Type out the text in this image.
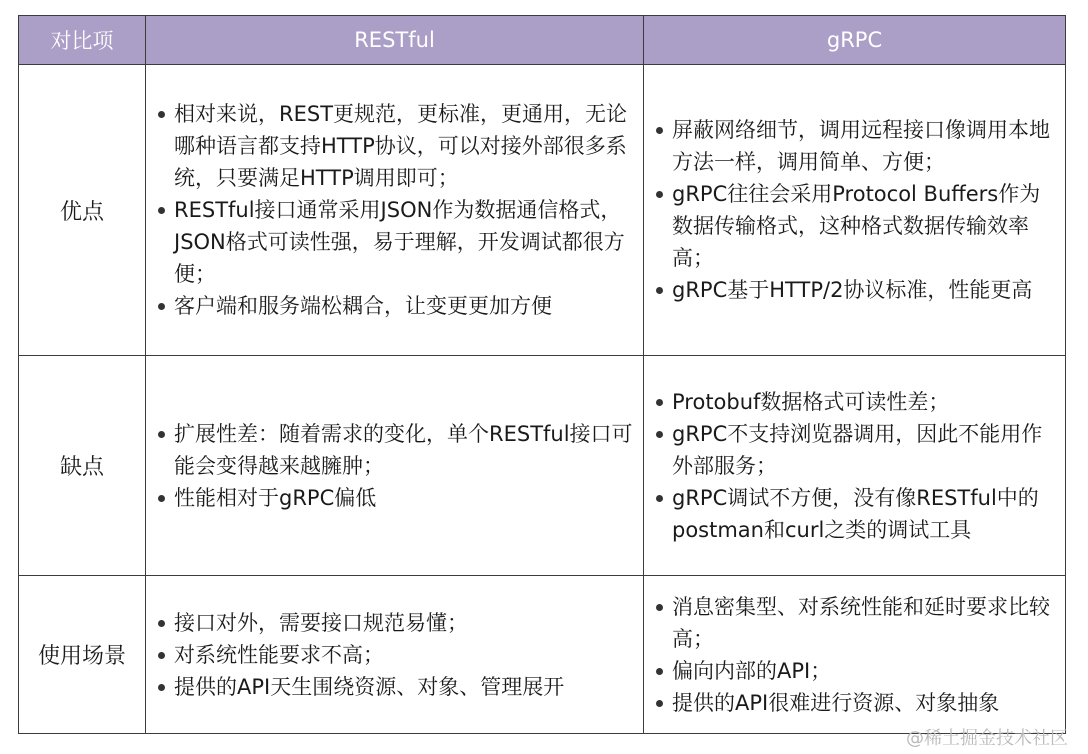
对比项	RESTful	gRPC
优点
相对来说，REST更规范，更标准，更通用，无论哪种语言都支持HTTP协议，可以对接外部很多系统，只要满足HTTP调用即可；
RESTful接口通常采用JSON作为数据通信格式，JSON格式可读性强，易于理解，开发调试都很方便；
客户端和服务端松耦合，让变更更加方便
屏蔽网络细节，调用远程接口像调用本地方法一样，调用简单、方便；
gRPC往往会采用Protocol Buffers作为数据传输格式，这种格式数据传输效率高；
gRPC基于HTTP/2协议标准，性能更高
缺点
扩展性差：随着需求的变化，单个RESTful接口可能会变得越来越臃肿；
性能相对于gRPC偏低
Protobuf数据格式可读性差；
gRPC不支持浏览器调用，因此不能用作外部服务；
gRPC调试不方便，没有像RESTful中的postman和curl之类的调试工具
使用场景
接口对外，需要接口规范易懂；
对系统性能要求不高；
提供的API天生围绕资源、对象、管理展开
消息密集型、对系统性能和延时要求比较高；
偏向内部的API；
提供的API很难进行资源、对象抽象
@稀土掘金技术社区
